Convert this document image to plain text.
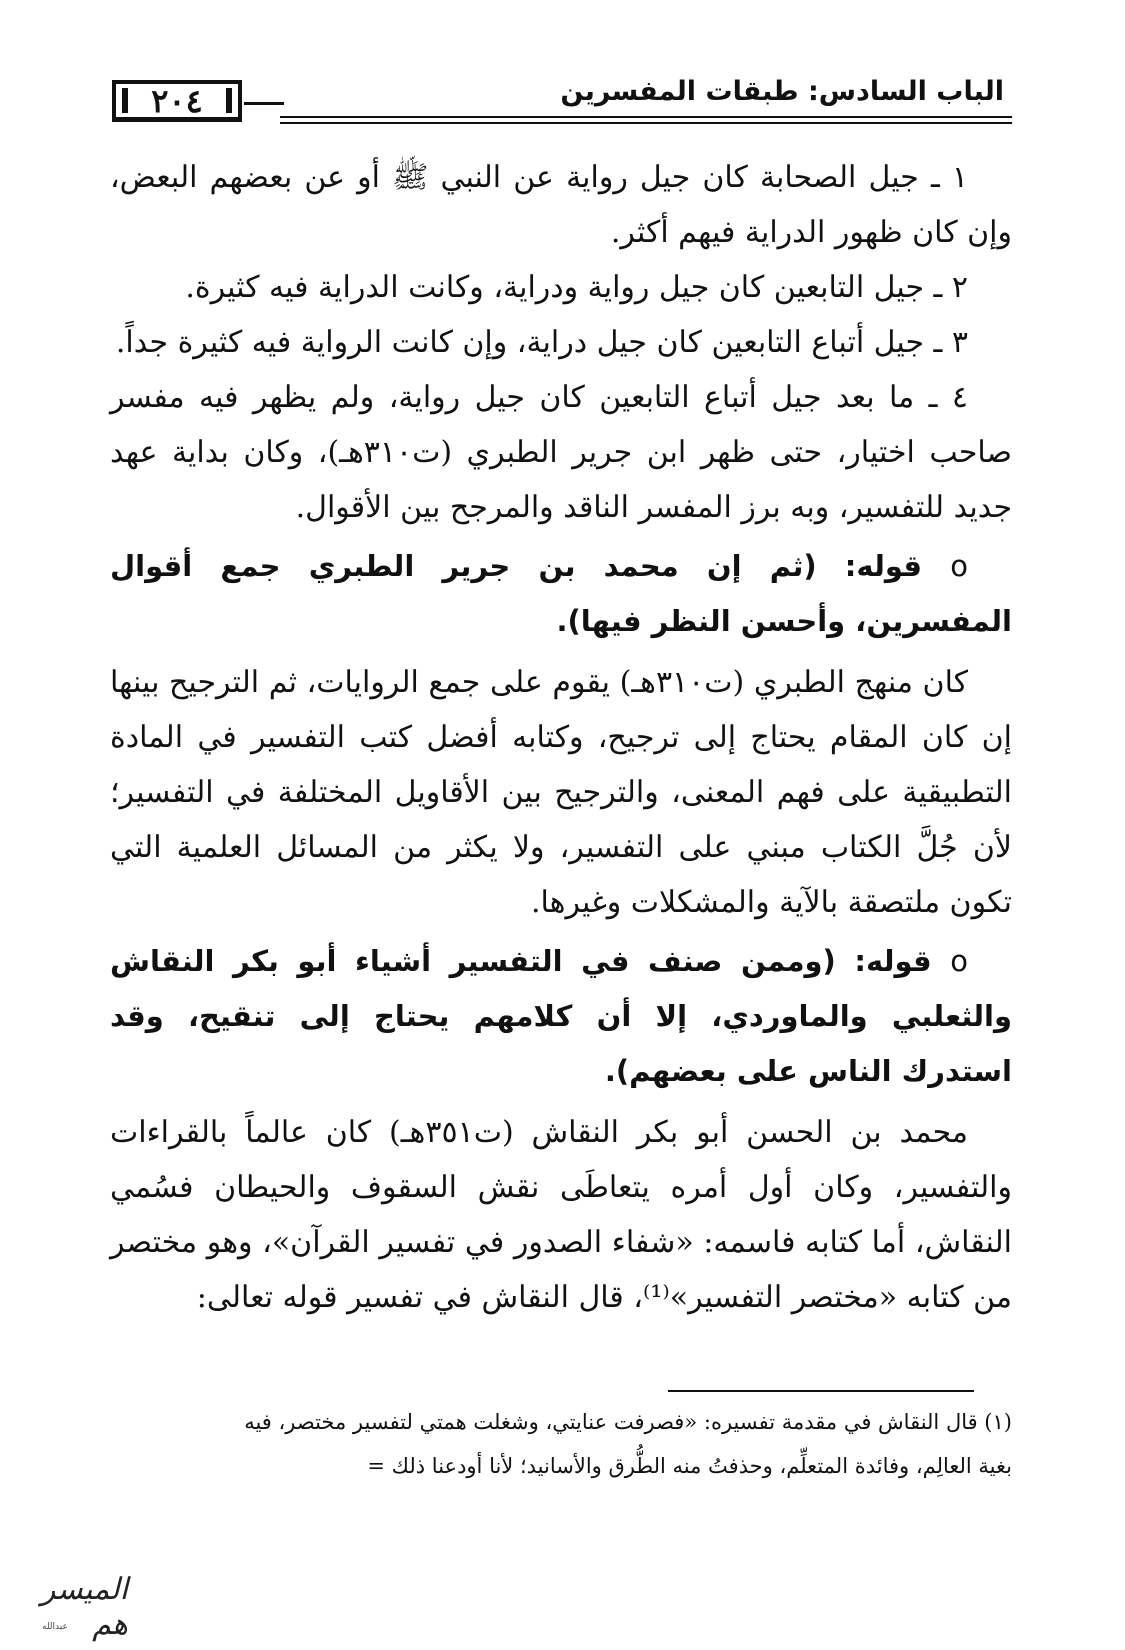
٢٠٤	الباب السادس: طبقات المفسرين

١ ـ جيل الصحابة كان جيل رواية عن النبي ﷺ أو عن بعضهم البعض، وإن كان ظهور الدراية فيهم أكثر.

٢ ـ جيل التابعين كان جيل رواية ودراية، وكانت الدراية فيه كثيرة.

٣ ـ جيل أتباع التابعين كان جيل دراية، وإن كانت الرواية فيه كثيرة جداً.

٤ ـ ما بعد جيل أتباع التابعين كان جيل رواية، ولم يظهر فيه مفسر صاحب اختيار، حتى ظهر ابن جرير الطبري (ت٣١٠هـ)، وكان بداية عهد جديد للتفسير، وبه برز المفسر الناقد والمرجح بين الأقوال.

o قوله: (ثم إن محمد بن جرير الطبري جمع أقوال المفسرين، وأحسن النظر فيها).

كان منهج الطبري (ت٣١٠هـ) يقوم على جمع الروايات، ثم الترجيح بينها إن كان المقام يحتاج إلى ترجيح، وكتابه أفضل كتب التفسير في المادة التطبيقية على فهم المعنى، والترجيح بين الأقاويل المختلفة في التفسير؛ لأن جُلَّ الكتاب مبني على التفسير، ولا يكثر من المسائل العلمية التي تكون ملتصقة بالآية والمشكلات وغيرها.

o قوله: (وممن صنف في التفسير أشياء أبو بكر النقاش والثعلبي والماوردي، إلا أن كلامهم يحتاج إلى تنقيح، وقد استدرك الناس على بعضهم).

محمد بن الحسن أبو بكر النقاش (ت٣٥١هـ) كان عالماً بالقراءات والتفسير، وكان أول أمره يتعاطَى نقش السقوف والحيطان فسُمي النقاش، أما كتابه فاسمه: «شفاء الصدور في تفسير القرآن»، وهو مختصر من كتابه «مختصر التفسير»⁽¹⁾، قال النقاش في تفسير قوله تعالى:

(١) قال النقاش في مقدمة تفسيره: «فصرفت عنايتي، وشغلت همتي لتفسير مختصر، فيه

بغية العالِم، وفائدة المتعلِّم، وحذفتُ منه الطُّرق والأسانيد؛ لأنا أودعنا ذلك =

الميسر هم
عبدالله
